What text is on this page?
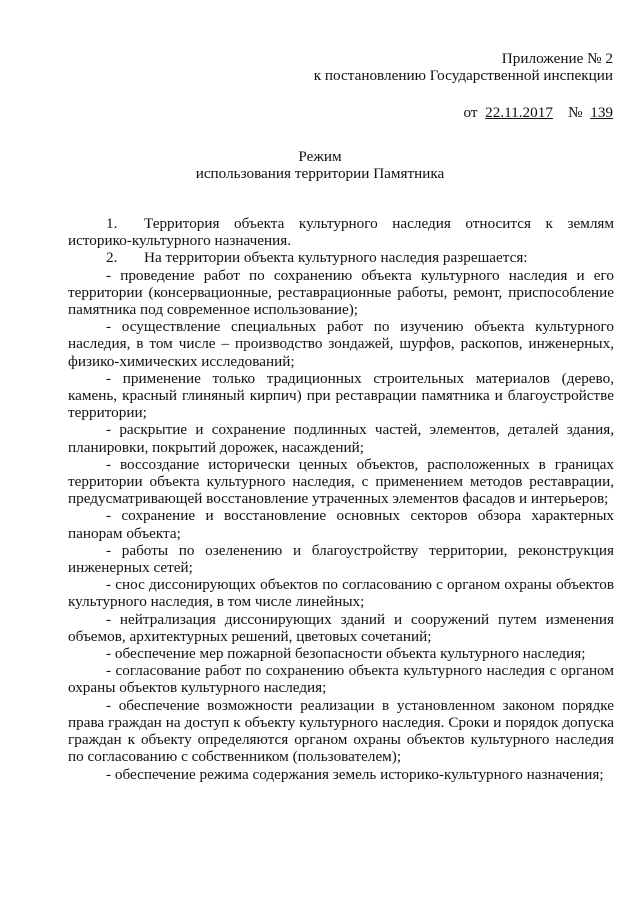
Приложение № 2
к постановлению Государственной инспекции
от 22.11.2017 № 139
Режим
использования территории Памятника

1. Территория объекта культурного наследия относится к землям историко-культурного назначения.

2. На территории объекта культурного наследия разрешается:

- проведение работ по сохранению объекта культурного наследия и его территории (консервационные, реставрационные работы, ремонт, приспособление памятника под современное использование);

- осуществление специальных работ по изучению объекта культурного наследия, в том числе – производство зондажей, шурфов, раскопов, инженерных, физико-химических исследований;

- применение только традиционных строительных материалов (дерево, камень, красный глиняный кирпич) при реставрации памятника и благоустройстве территории;

- раскрытие и сохранение подлинных частей, элементов, деталей здания, планировки, покрытий дорожек, насаждений;

- воссоздание исторически ценных объектов, расположенных в границах территории объекта культурного наследия, с применением методов реставрации, предусматривающей восстановление утраченных элементов фасадов и интерьеров;

- сохранение и восстановление основных секторов обзора характерных панорам объекта;

- работы по озеленению и благоустройству территории, реконструкция инженерных сетей;

- снос диссонирующих объектов по согласованию с органом охраны объектов культурного наследия, в том числе линейных;

- нейтрализация диссонирующих зданий и сооружений путем изменения объемов, архитектурных решений, цветовых сочетаний;

- обеспечение мер пожарной безопасности объекта культурного наследия;

- согласование работ по сохранению объекта культурного наследия с органом охраны объектов культурного наследия;

- обеспечение возможности реализации в установленном законом порядке права граждан на доступ к объекту культурного наследия. Сроки и порядок допуска граждан к объекту определяются органом охраны объектов культурного наследия по согласованию с собственником (пользователем);

- обеспечение режима содержания земель историко-культурного назначения;
